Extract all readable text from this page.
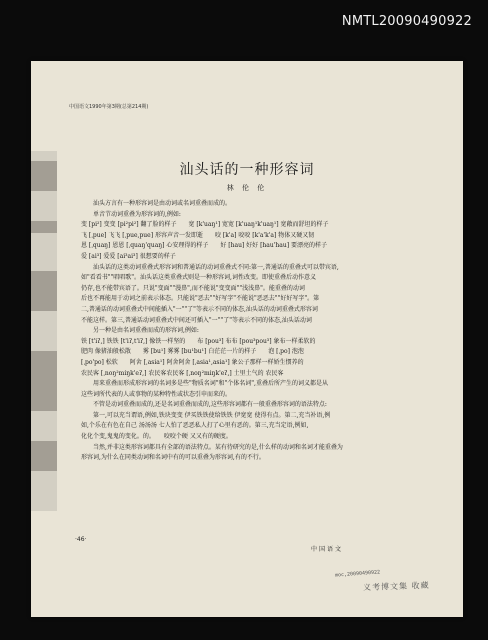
NMTL20090490922
中国语文1990年第3期(总第214期)
汕头话的一种形容词
林 伦 伦
汕头方言有一种形容词是由动词或名词重叠而成的。
单音节动词重叠为形容词的,例如:
变 [pi²] 变变 [pi²pi²] 翻了脸的样子　　宽 [k'uaŋ¹] 宽宽 [k'uaŋ¹k'uaŋ¹] 宽敞而舒坦的样子
飞 [ˌpue] 飞飞 [ˌpue,pue] 形容声音一发即逝　　咬 [k'a] 咬咬 [k'a'k'a] 物体又硬又韧
恩 [ˌquaŋ] 恩恩 [ˌquaŋ'quaŋ] 心安理得的样子　　好 [hau] 好好 [hau'hau] 要漂亮的样子
爱 [ai³] 爱爱 [ai³ai³] 很想要的样子
汕头话的这类动词重叠式形容词和普通话的动词重叠式不同:第一,普通话的重叠式可以带宾语,
如"看看书""唱唱歌"。汕头话这类重叠式则是一种形容词,词性改变。即使重叠后动作意义
仍存,也不能带宾语了。只说"变面""漫鼻",而不能说"变变面""浅浅鼻"。能重叠的动词
后也不再能用于动词之前表示体态。只能说"恶去""好写字"不能说"恶恶去""好好写字"。第
二,普通话的动词重叠式中间能插入"一""了"等表示不同的体态,汕头话的动词重叠式形容词
不能这样。第三,普通话动词重叠式中间还可插入"一""了"等表示不同的体态,汕头话动词
另一种是由名词重叠而成的形容词,例如:
铁 [t'iʔ,] 铁铁 [t'iʔ,t'iʔ,] 像铁一样坚的　　布 [pou³] 布布 [pou³pou³] 象布一样柔软的
肥肉 像猪油般松散　　雾 [bu¹] 雾雾 [bu¹bu¹] 白茫茫一片的样子　　泡 [ˌpo] 泡泡
[ˌpo'po] 松软　　阿舍 [ˌasia¹] 阿舍阿舍 [ˌasia¹,asia¹] 象公子那样一样娇生惯养的
农民客 [ˌnoŋ²miŋk'eʔ,] 农民客农民客 [ˌnoŋ²miŋk'eʔ,] 土里土气的 农民客
用来重叠而形成形容词的名词多是些"物质名词"和"个体名词",重叠后所产生的词义都是从
这些词所代表的人或事物的某种特性或状态引申而来的。
不管是动词重叠而成的,还是名词重叠而成的,这些形容词都有一般重叠形容词的语法特点:
第一,可以充当谓语,例如,铁块变变 伊买铁铁使给铁铁 伊宽宽 使得有点。第二,充当补语,例
如,个乐在有色在自己 汤汤汤 七人怕了恶恶私人打了心里有恶的。第三,充当定语,例如,
化化个变,鬼鬼的变化。的。　　咬咬个硬 又又有的硬度。
当然,并非这类形容词都具有全部的语法特点。某有待研究的是,什么样的动词和名词才能重叠为
形容词,为什么在同类动词和名词中有的可以重叠为形容词,有的不行。
·46·
中国语文
moc,20090490922
义考博文集 收藏
